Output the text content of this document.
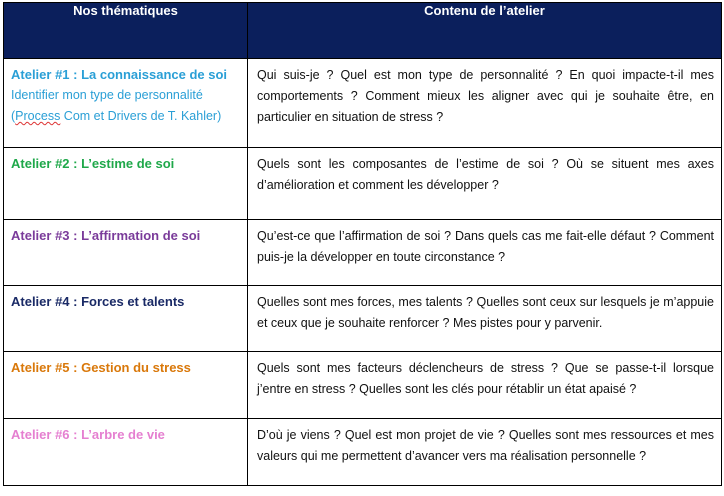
Nos thématiques	Contenu de l’atelier

Atelier #1 : La connaissance de soi
Identifier mon type de personnalité (Process Com et Drivers de T. Kahler)	Qui suis-je ? Quel est mon type de personnalité ? En quoi impacte-t-il mes comportements ? Comment mieux les aligner avec qui je souhaite être, en particulier en situation de stress ?

Atelier #2 : L’estime de soi	Quels sont les composantes de l’estime de soi ? Où se situent mes axes d’amélioration et comment les développer ?

Atelier #3 : L’affirmation de soi	Qu’est-ce que l’affirmation de soi ? Dans quels cas me fait-elle défaut ? Comment puis-je la développer en toute circonstance ?

Atelier #4 : Forces et talents	Quelles sont mes forces, mes talents ? Quelles sont ceux sur lesquels je m’appuie et ceux que je souhaite renforcer ? Mes pistes pour y parvenir.

Atelier #5 : Gestion du stress	Quels sont mes facteurs déclencheurs de stress ? Que se passe-t-il lorsque j’entre en stress ? Quelles sont les clés pour rétablir un état apaisé ?

Atelier #6 : L’arbre de vie	D’où je viens ? Quel est mon projet de vie ? Quelles sont mes ressources et mes valeurs qui me permettent d’avancer vers ma réalisation personnelle ?
